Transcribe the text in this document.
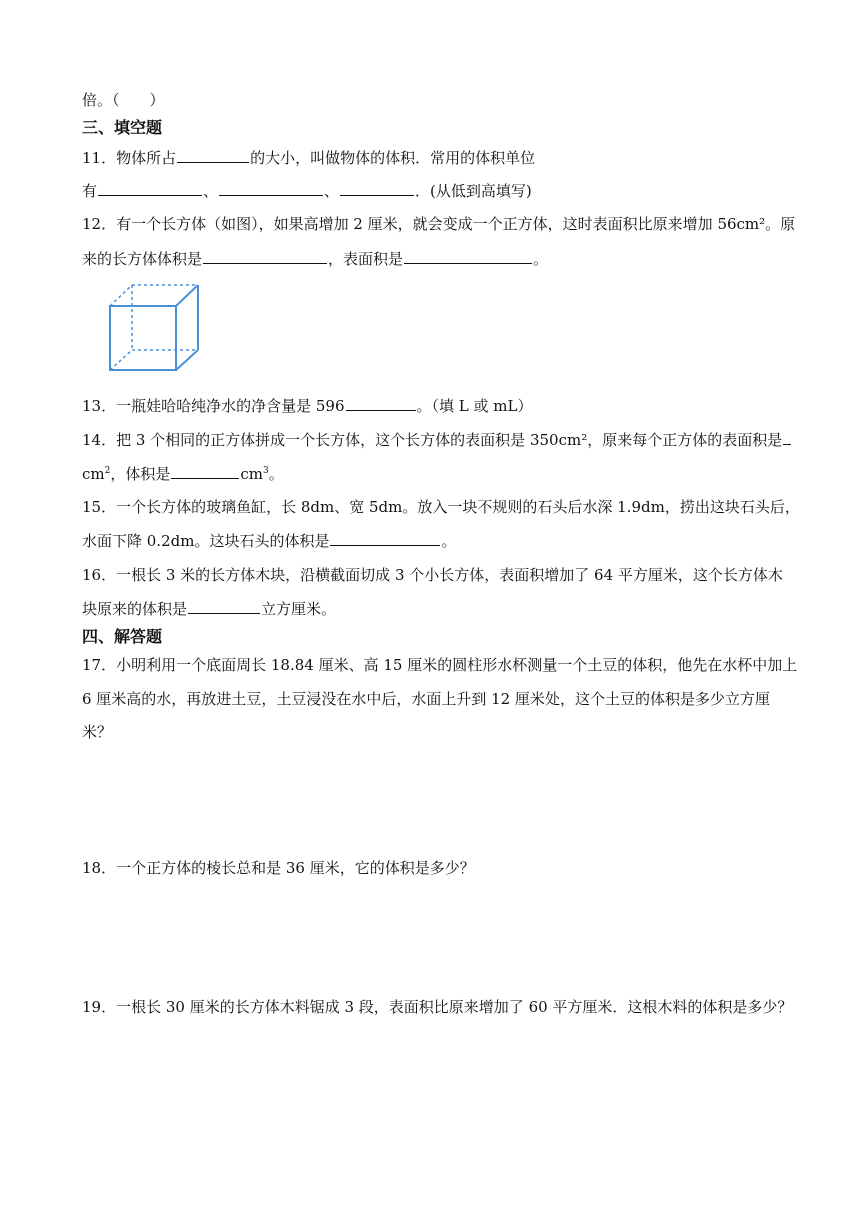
倍。（　　）
三、填空题
11．物体所占	的大小，叫做物体的体积．常用的体积单位
有	、	、	．(从低到高填写)
12．有一个长方体（如图），如果高增加 2 厘米，就会变成一个正方体，这时表面积比原来增加 56cm²。原
来的长方体体积是	，表面积是	。
13．一瓶娃哈哈纯净水的净含量是 596	。（填 L 或 mL）
14．把 3 个相同的正方体拼成一个长方体，这个长方体的表面积是 350cm²，原来每个正方体的表面积是
$cm^2$，体积是	$cm^3$。
15．一个长方体的玻璃鱼缸，长 8dm、宽 5dm。放入一块不规则的石头后水深 1.9dm，捞出这块石头后，
水面下降 0.2dm。这块石头的体积是	。
16．一根长 3 米的长方体木块，沿横截面切成 3 个小长方体，表面积增加了 64 平方厘米，这个长方体木
块原来的体积是	立方厘米。
四、解答题
17．小明利用一个底面周长 18.84 厘米、高 15 厘米的圆柱形水杯测量一个土豆的体积，他先在水杯中加上
6 厘米高的水，再放进土豆，土豆浸没在水中后，水面上升到 12 厘米处，这个土豆的体积是多少立方厘
米？
18．一个正方体的棱长总和是 36 厘米，它的体积是多少？
19．一根长 30 厘米的长方体木料锯成 3 段，表面积比原来增加了 60 平方厘米．这根木料的体积是多少？
